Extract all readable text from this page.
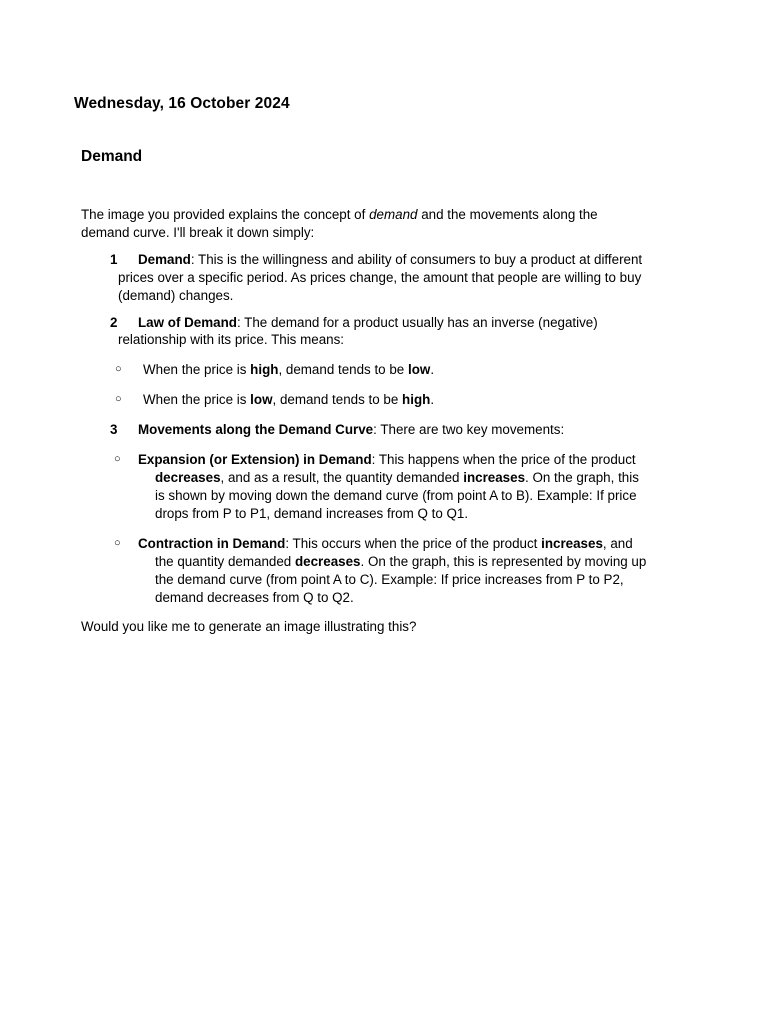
Wednesday, 16 October 2024
Demand
The image you provided explains the concept of demand and the movements along the
demand curve. I'll break it down simply:
1 Demand: This is the willingness and ability of consumers to buy a product at different
prices over a specific period. As prices change, the amount that people are willing to buy
(demand) changes.
2 Law of Demand: The demand for a product usually has an inverse (negative)
relationship with its price. This means:
○ When the price is high, demand tends to be low.
○ When the price is low, demand tends to be high.
3 Movements along the Demand Curve: There are two key movements:
○ Expansion (or Extension) in Demand: This happens when the price of the product
decreases, and as a result, the quantity demanded increases. On the graph, this
is shown by moving down the demand curve (from point A to B). Example: If price
drops from P to P1, demand increases from Q to Q1.
○ Contraction in Demand: This occurs when the price of the product increases, and
the quantity demanded decreases. On the graph, this is represented by moving up
the demand curve (from point A to C). Example: If price increases from P to P2,
demand decreases from Q to Q2.
Would you like me to generate an image illustrating this?
